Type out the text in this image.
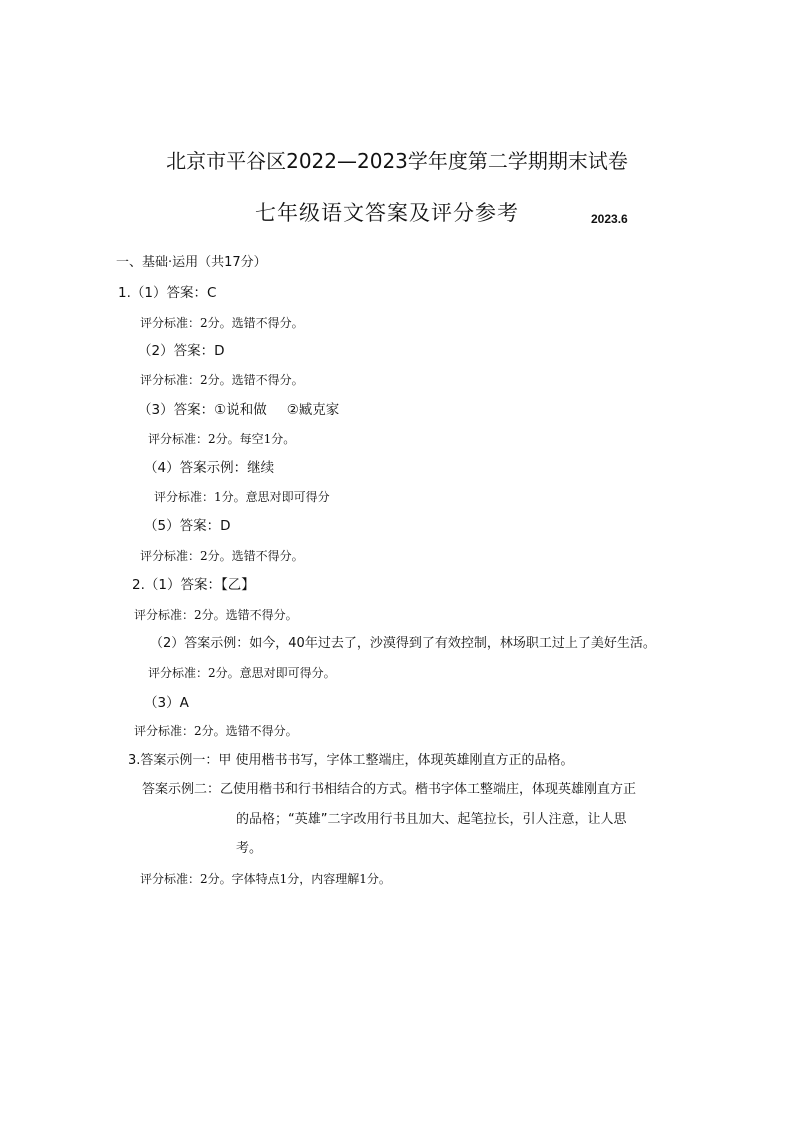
北京市平谷区2022—2023学年度第二学期期末试卷
七年级语文答案及评分参考	2023.6
一、基础·运用（共17分）
1.（1）答案：C
评分标准：2分。选错不得分。
（2）答案：D
评分标准：2分。选错不得分。
（3）答案：①说和做 ②臧克家
评分标准：2分。每空1分。
（4）答案示例：继续
评分标准：1分。意思对即可得分
（5）答案：D
评分标准：2分。选错不得分。
2.（1）答案：【乙】
评分标准：2分。选错不得分。
（2）答案示例：如今，40年过去了，沙漠得到了有效控制，林场职工过上了美好生活。
评分标准：2分。意思对即可得分。
（3）A
评分标准：2分。选错不得分。
3.答案示例一：甲 使用楷书书写，字体工整端庄，体现英雄刚直方正的品格。
答案示例二：乙使用楷书和行书相结合的方式。楷书字体工整端庄，体现英雄刚直方正
的品格；“英雄”二字改用行书且加大、起笔拉长，引人注意，让人思
考。
评分标准：2分。字体特点1分，内容理解1分。
